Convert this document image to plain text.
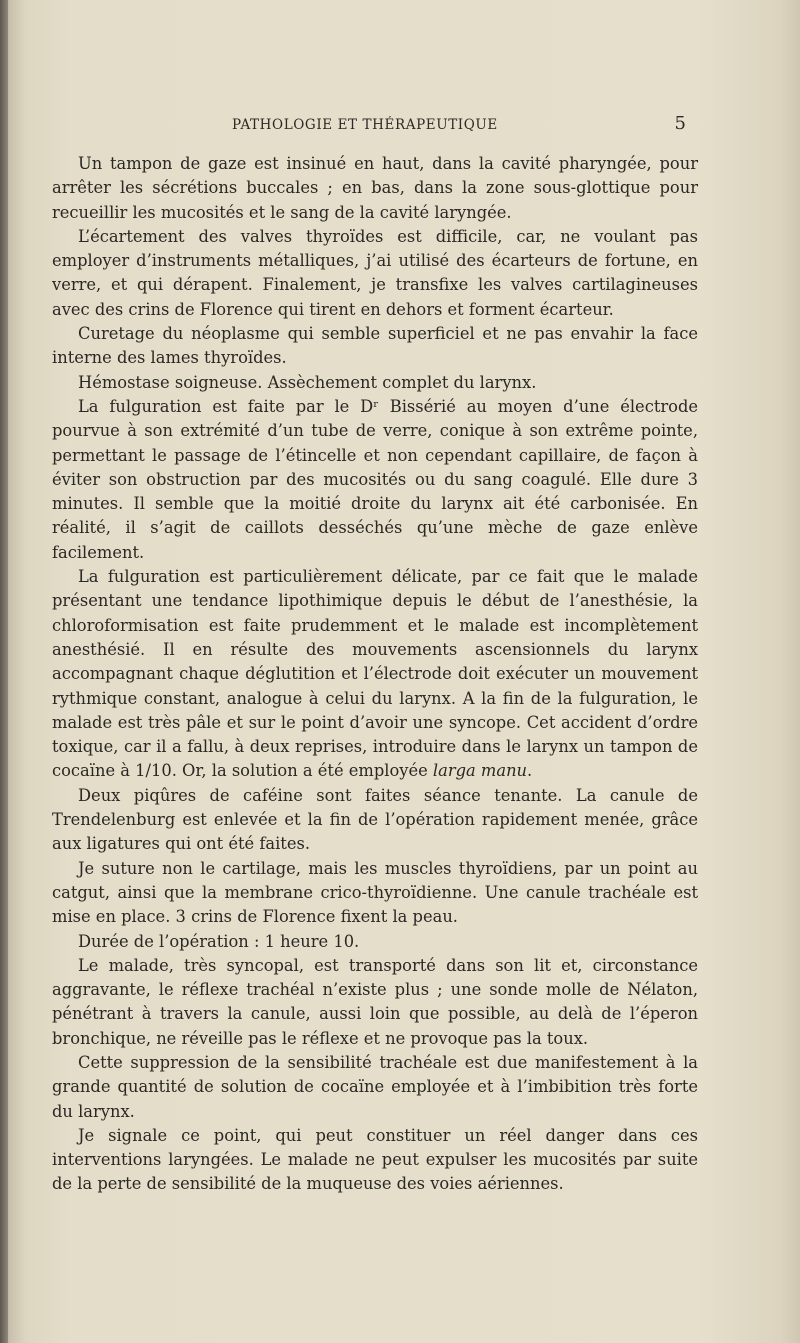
PATHOLOGIE ET THÉRAPEUTIQUE	5

Un tampon de gaze est insinué en haut, dans la cavité pharyngée, pour arrêter les sécrétions buccales ; en bas, dans la zone sous-glottique pour recueillir les mucosités et le sang de la cavité laryngée.

L’écartement des valves thyroïdes est difficile, car, ne voulant pas employer d’instruments métalliques, j’ai utilisé des écarteurs de fortune, en verre, et qui dérapent. Finalement, je transfixe les valves cartilagineuses avec des crins de Florence qui tirent en dehors et forment écarteur.

Curetage du néoplasme qui semble superficiel et ne pas envahir la face interne des lames thyroïdes.

Hémostase soigneuse. Assèchement complet du larynx.

La fulguration est faite par le Dʳ Bissérié au moyen d’une électrode pourvue à son extrémité d’un tube de verre, conique à son extrême pointe, permettant le passage de l’étincelle et non cependant capillaire, de façon à éviter son obstruction par des mucosités ou du sang coagulé. Elle dure 3 minutes. Il semble que la moitié droite du larynx ait été carbonisée. En réalité, il s’agit de caillots desséchés qu’une mèche de gaze enlève facilement.

La fulguration est particulièrement délicate, par ce fait que le malade présentant une tendance lipothimique depuis le début de l’anesthésie, la chloroformisation est faite prudemment et le malade est incomplètement anesthésié. Il en résulte des mouvements ascensionnels du larynx accompagnant chaque déglutition et l’électrode doit exécuter un mouvement rythmique constant, analogue à celui du larynx. A la fin de la fulguration, le malade est très pâle et sur le point d’avoir une syncope. Cet accident d’ordre toxique, car il a fallu, à deux reprises, introduire dans le larynx un tampon de cocaïne à 1/10. Or, la solution a été employée larga manu.

Deux piqûres de caféine sont faites séance tenante. La canule de Trendelenburg est enlevée et la fin de l’opération rapidement menée, grâce aux ligatures qui ont été faites.

Je suture non le cartilage, mais les muscles thyroïdiens, par un point au catgut, ainsi que la membrane crico-thyroïdienne. Une canule trachéale est mise en place. 3 crins de Florence fixent la peau.

Durée de l’opération : 1 heure 10.

Le malade, très syncopal, est transporté dans son lit et, circonstance aggravante, le réflexe trachéal n’existe plus ; une sonde molle de Nélaton, pénétrant à travers la canule, aussi loin que possible, au delà de l’éperon bronchique, ne réveille pas le réflexe et ne provoque pas la toux.

Cette suppression de la sensibilité trachéale est due manifestement à la grande quantité de solution de cocaïne employée et à l’imbibition très forte du larynx.

Je signale ce point, qui peut constituer un réel danger dans ces interventions laryngées. Le malade ne peut expulser les mucosités par suite de la perte de sensibilité de la muqueuse des voies aériennes.
